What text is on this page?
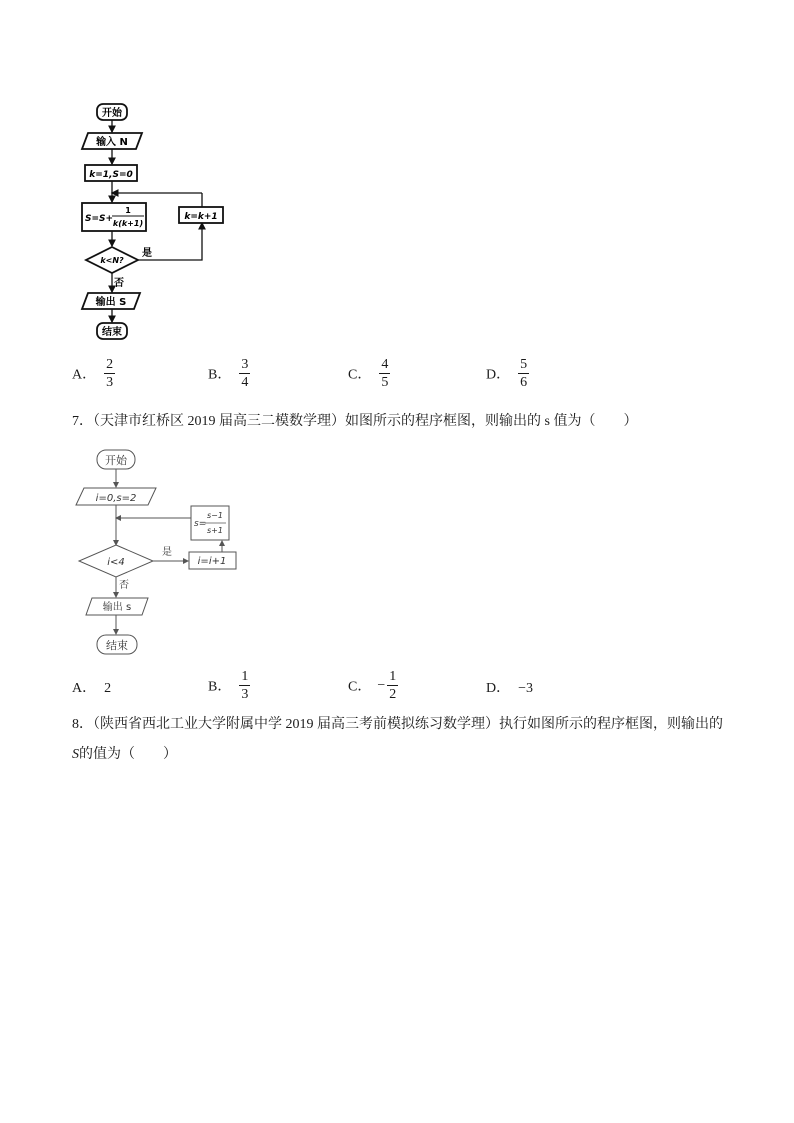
开始
输入 N
k=1,S=0
S=S+
1
k(k+1)
k<N?
是
k=k+1
否
输出 S
结束
A． $\frac{2}{3}$	B． $\frac{3}{4}$	C． $\frac{4}{5}$	D． $\frac{5}{6}$
7．（天津市红桥区 2019 届高三二模数学理）如图所示的程序框图，则输出的 s 值为（　　）
开始
i=0,s=2
i<4
是
i=i+1
s=
s−1
s+1
否
输出 s
结束
A． 2	B． $\frac{1}{3}$	C． − $\frac{1}{2}$	D． −3
8．（陕西省西北工业大学附属中学 2019 届高三考前模拟练习数学理）执行如图所示的程序框图，则输出的
S的值为（　　）
